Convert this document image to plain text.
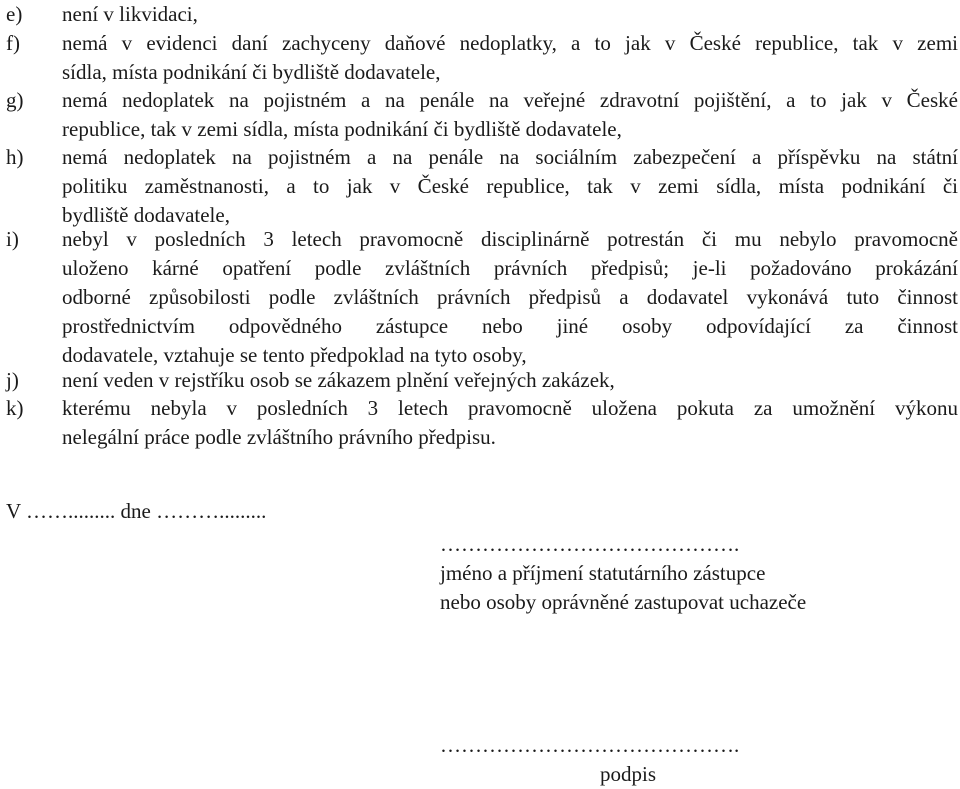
e)	není v likvidaci,
f)	nemá v evidenci daní zachyceny daňové nedoplatky, a to jak v České republice, tak v zemi
sídla, místa podnikání či bydliště dodavatele,
g)	nemá nedoplatek na pojistném a na penále na veřejné zdravotní pojištění, a to jak v České
republice, tak v zemi sídla, místa podnikání či bydliště dodavatele,
h)	nemá nedoplatek na pojistném a na penále na sociálním zabezpečení a příspěvku na státní
politiku zaměstnanosti, a to jak v České republice, tak v zemi sídla, místa podnikání či
bydliště dodavatele,
i)	nebyl v posledních 3 letech pravomocně disciplinárně potrestán či mu nebylo pravomocně
uloženo kárné opatření podle zvláštních právních předpisů; je-li požadováno prokázání
odborné způsobilosti podle zvláštních právních předpisů a dodavatel vykonává tuto činnost
prostřednictvím odpovědného zástupce nebo jiné osoby odpovídající za činnost
dodavatele, vztahuje se tento předpoklad na tyto osoby,
j)	není veden v rejstříku osob se zákazem plnění veřejných zakázek,
k)	kterému nebyla v posledních 3 letech pravomocně uložena pokuta za umožnění výkonu
nelegální práce podle zvláštního právního předpisu.
V ……......... dne ……….........
…………………………………….
jméno a příjmení statutárního zástupce
nebo osoby oprávněné zastupovat uchazeče
…………………………………….
podpis
